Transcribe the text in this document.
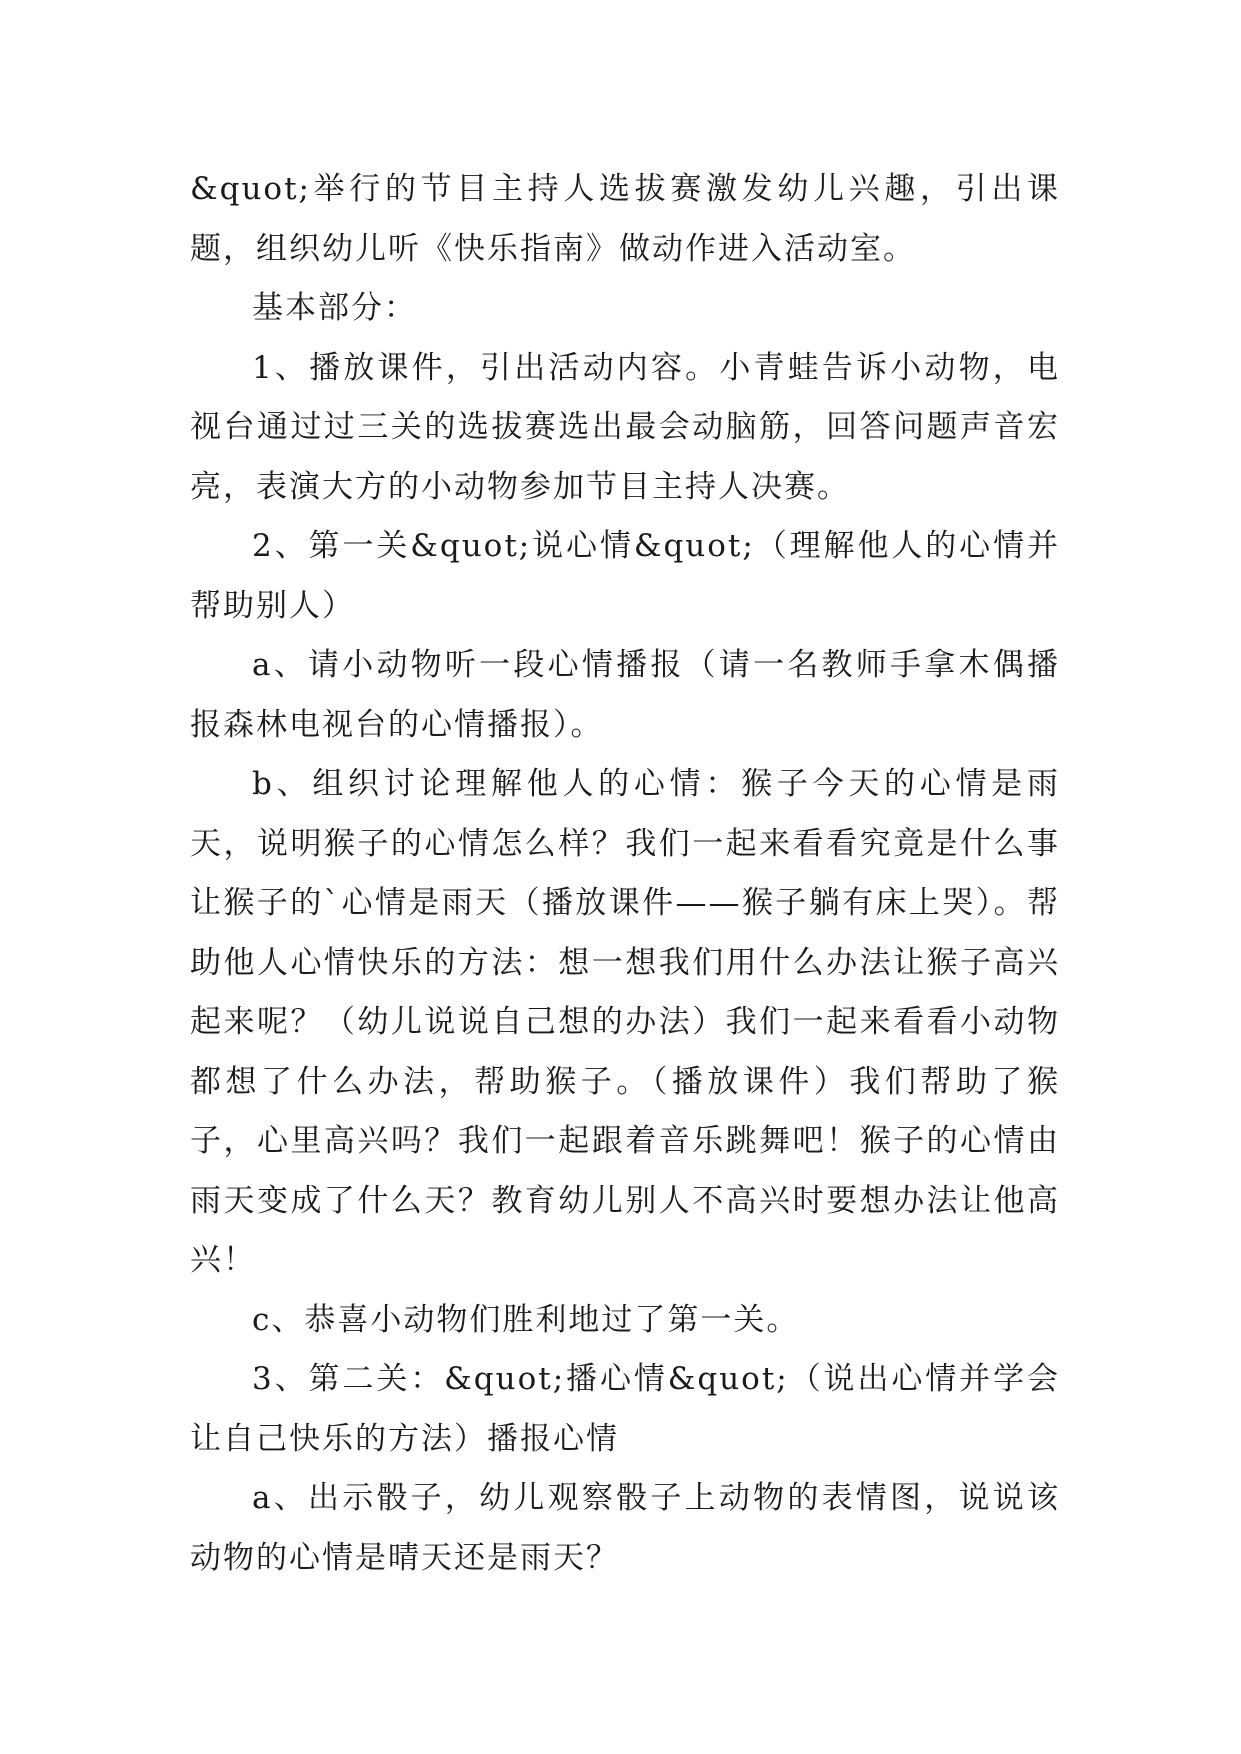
&quot;举行的节目主持人选拔赛激发幼儿兴趣，引出课题，组织幼儿听《快乐指南》做动作进入活动室。

基本部分：

1、播放课件，引出活动内容。小青蛙告诉小动物，电视台通过过三关的选拔赛选出最会动脑筋，回答问题声音宏亮，表演大方的小动物参加节目主持人决赛。

2、第一关&quot;说心情&quot;（理解他人的心情并帮助别人）

a、请小动物听一段心情播报（请一名教师手拿木偶播报森林电视台的心情播报）。

b、组织讨论理解他人的心情：猴子今天的心情是雨天，说明猴子的心情怎么样？我们一起来看看究竟是什么事让猴子的`心情是雨天（播放课件——猴子躺有床上哭）。帮助他人心情快乐的方法：想一想我们用什么办法让猴子高兴起来呢？（幼儿说说自己想的办法）我们一起来看看小动物都想了什么办法，帮助猴子。（播放课件）我们帮助了猴子，心里高兴吗？我们一起跟着音乐跳舞吧！猴子的心情由雨天变成了什么天？教育幼儿别人不高兴时要想办法让他高兴！

c、恭喜小动物们胜利地过了第一关。

3、第二关：&quot;播心情&quot;（说出心情并学会让自己快乐的方法）播报心情

a、出示骰子，幼儿观察骰子上动物的表情图，说说该动物的心情是晴天还是雨天？
